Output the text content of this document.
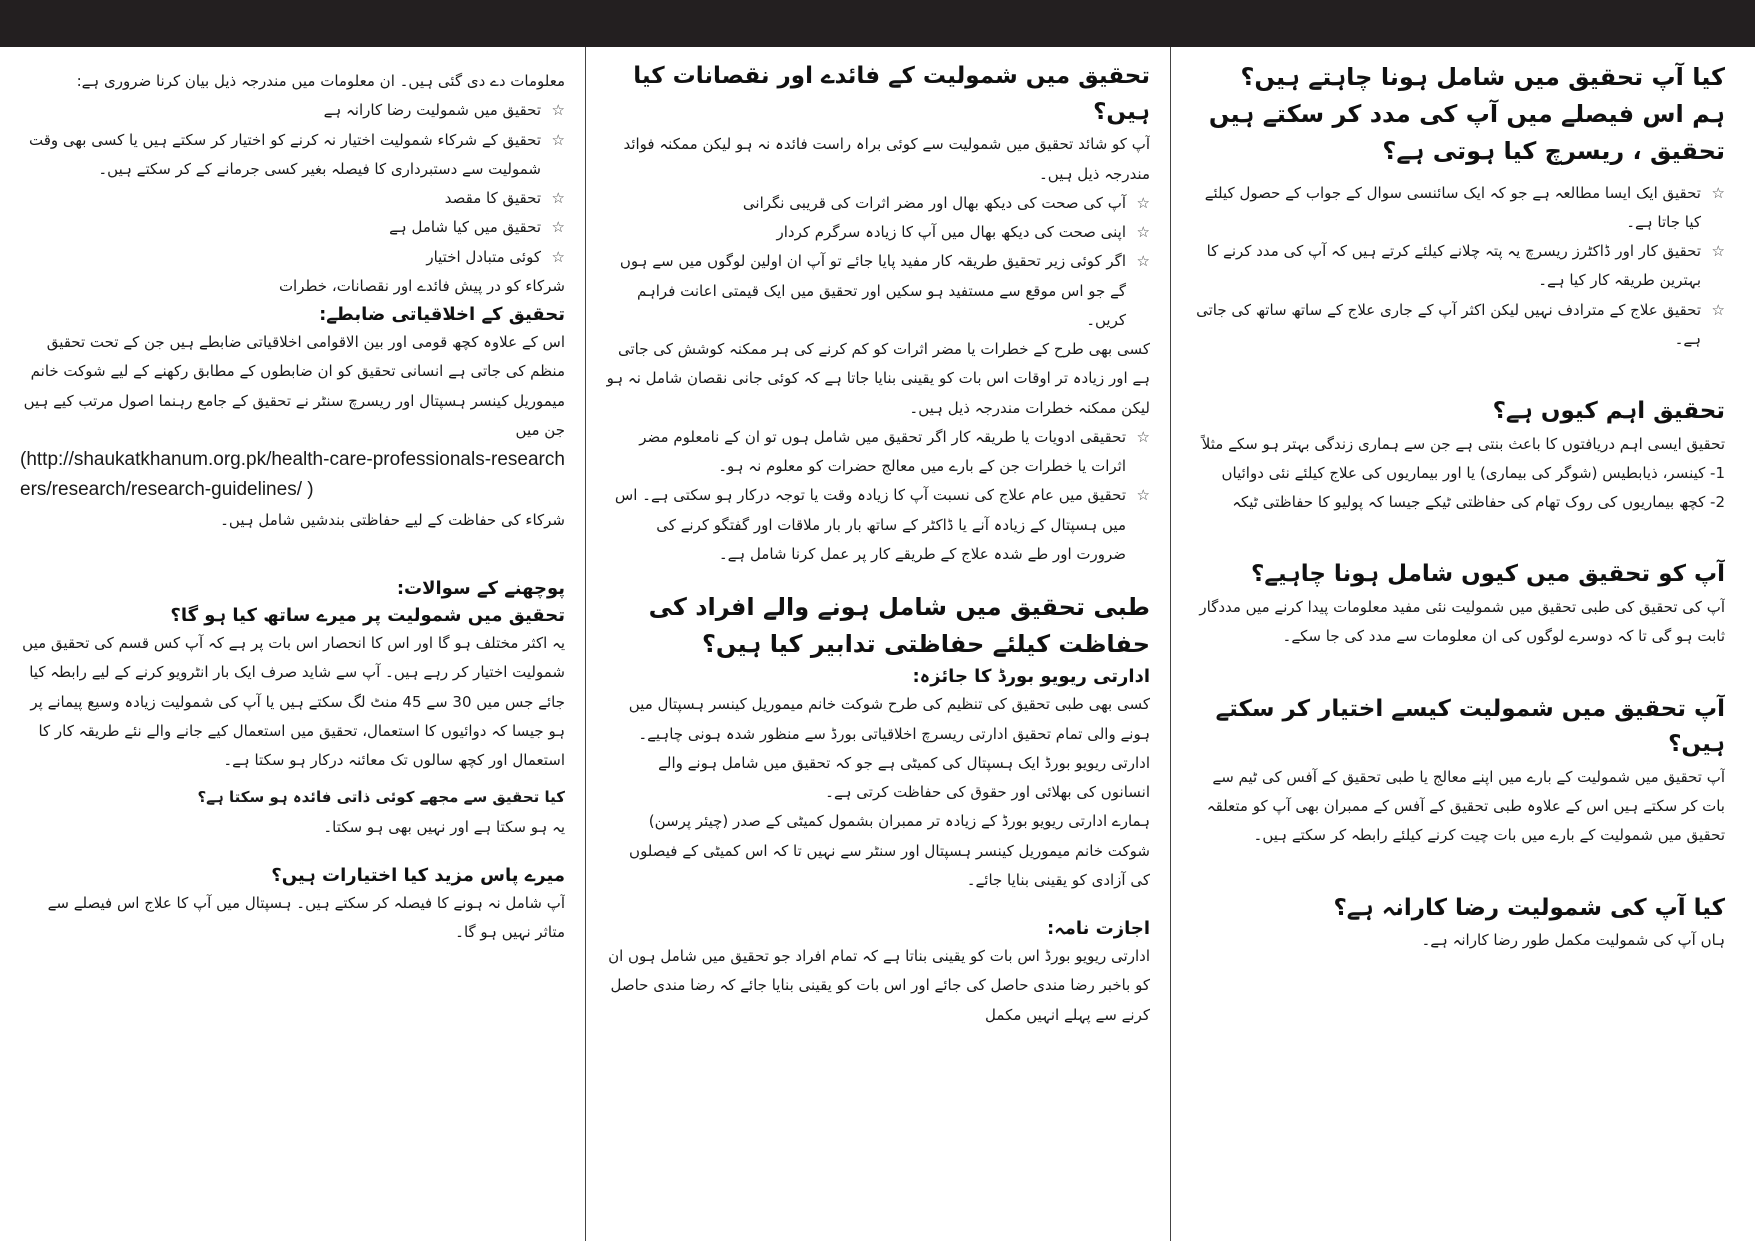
کیا آپ تحقیق میں شامل ہونا چاہتے ہیں؟
ہم اس فیصلے میں آپ کی مدد کر سکتے ہیں
تحقیق ، ریسرچ کیا ہوتی ہے؟
☆
تحقیق ایک ایسا مطالعہ ہے جو کہ ایک سائنسی سوال کے جواب کے حصول کیلئے کیا جاتا ہے۔
☆
تحقیق کار اور ڈاکٹرز ریسرچ یہ پتہ چلانے کیلئے کرتے ہیں کہ آپ کی مدد کرنے کا بہترین طریقہ کار کیا ہے۔
☆
تحقیق علاج کے مترادف نہیں لیکن اکثر آپ کے جاری علاج کے ساتھ ساتھ کی جاتی ہے۔
تحقیق اہم کیوں ہے؟

تحقیق ایسی اہم دریافتوں کا باعث بنتی ہے جن سے ہماری زندگی بہتر ہو سکے مثلاً

1- کینسر، ذیابطیس (شوگر کی بیماری) یا اور بیماریوں کی علاج کیلئے نئی دوائیاں

2- کچھ بیماریوں کی روک تھام کی حفاظتی ٹیکے جیسا کہ پولیو کا حفاظتی ٹیکہ

آپ کو تحقیق میں کیوں شامل ہونا چاہیے؟

آپ کی تحقیق کی طبی تحقیق میں شمولیت نئی مفید معلومات پیدا کرنے میں مددگار ثابت ہو گی تا کہ دوسرے لوگوں کی ان معلومات سے مدد کی جا سکے۔

آپ تحقیق میں شمولیت کیسے اختیار کر سکتے ہیں؟

آپ تحقیق میں شمولیت کے بارے میں اپنے معالج یا طبی تحقیق کے آفس کی ٹیم سے بات کر سکتے ہیں اس کے علاوہ طبی تحقیق کے آفس کے ممبران بھی آپ کو متعلقہ تحقیق میں شمولیت کے بارے میں بات چیت کرنے کیلئے رابطہ کر سکتے ہیں۔

کیا آپ کی شمولیت رضا کارانہ ہے؟

ہاں آپ کی شمولیت مکمل طور رضا کارانہ ہے۔

تحقیق میں شمولیت کے فائدے اور نقصانات کیا ہیں؟

آپ کو شائد تحقیق میں شمولیت سے کوئی براہ راست فائدہ نہ ہو لیکن ممکنہ فوائد مندرجہ ذیل ہیں۔

☆
آپ کی صحت کی دیکھ بھال اور مضر اثرات کی قریبی نگرانی
☆
اپنی صحت کی دیکھ بھال میں آپ کا زیادہ سرگرم کردار
☆
اگر کوئی زیر تحقیق طریقہ کار مفید پایا جائے تو آپ ان اولین لوگوں میں سے ہوں گے جو اس موقع سے مستفید ہو سکیں اور تحقیق میں ایک قیمتی اعانت فراہم کریں۔

کسی بھی طرح کے خطرات یا مضر اثرات کو کم کرنے کی ہر ممکنہ کوشش کی جاتی ہے اور زیادہ تر اوقات اس بات کو یقینی بنایا جاتا ہے کہ کوئی جانی نقصان شامل نہ ہو لیکن ممکنہ خطرات مندرجہ ذیل ہیں۔

☆
تحقیقی ادویات یا طریقہ کار اگر تحقیق میں شامل ہوں تو ان کے نامعلوم مضر اثرات یا خطرات جن کے بارے میں معالج حضرات کو معلوم نہ ہو۔
☆
تحقیق میں عام علاج کی نسبت آپ کا زیادہ وقت یا توجہ درکار ہو سکتی ہے۔ اس میں ہسپتال کے زیادہ آنے یا ڈاکٹر کے ساتھ بار بار ملاقات اور گفتگو کرنے کی ضرورت اور طے شدہ علاج کے طریقے کار پر عمل کرنا شامل ہے۔
طبی تحقیق میں شامل ہونے والے افراد کی حفاظت کیلئے حفاظتی تدابیر کیا ہیں؟
ادارتی ریویو بورڈ کا جائزہ:

کسی بھی طبی تحقیق کی تنظیم کی طرح شوکت خانم میموریل کینسر ہسپتال میں ہونے والی تمام تحقیق ادارتی ریسرچ اخلاقیاتی بورڈ سے منظور شدہ ہونی چاہیے۔ ادارتی ریویو بورڈ ایک ہسپتال کی کمیٹی ہے جو کہ تحقیق میں شامل ہونے والے انسانوں کی بھلائی اور حقوق کی حفاظت کرتی ہے۔

ہمارے ادارتی ریویو بورڈ کے زیادہ تر ممبران بشمول کمیٹی کے صدر (چیئر پرسن) شوکت خانم میموریل کینسر ہسپتال اور سنٹر سے نہیں تا کہ اس کمیٹی کے فیصلوں کی آزادی کو یقینی بنایا جائے۔

اجازت نامہ:

ادارتی ریویو بورڈ اس بات کو یقینی بناتا ہے کہ تمام افراد جو تحقیق میں شامل ہوں ان کو باخبر رضا مندی حاصل کی جائے اور اس بات کو یقینی بنایا جائے کہ رضا مندی حاصل کرنے سے پہلے انہیں مکمل

معلومات دے دی گئی ہیں۔ ان معلومات میں مندرجہ ذیل بیان کرنا ضروری ہے:

☆
تحقیق میں شمولیت رضا کارانہ ہے
☆
تحقیق کے شرکاء شمولیت اختیار نہ کرنے کو اختیار کر سکتے ہیں یا کسی بھی وقت شمولیت سے دستبرداری کا فیصلہ بغیر کسی جرمانے کے کر سکتے ہیں۔
☆
تحقیق کا مقصد
☆
تحقیق میں کیا شامل ہے
☆
کوئی متبادل اختیار

شرکاء کو در پیش فائدے اور نقصانات، خطرات

تحقیق کے اخلاقیاتی ضابطے:

اس کے علاوہ کچھ قومی اور بین الاقوامی اخلاقیاتی ضابطے ہیں جن کے تحت تحقیق منظم کی جاتی ہے انسانی تحقیق کو ان ضابطوں کے مطابق رکھنے کے لیے شوکت خانم میموریل کینسر ہسپتال اور ریسرچ سنٹر نے تحقیق کے جامع رہنما اصول مرتب کیے ہیں جن میں

(http://shaukatkhanum.org.pk/health-care-professionals-researchers/research/research-guidelines/ )

شرکاء کی حفاظت کے لیے حفاظتی بندشیں شامل ہیں۔

پوچھنے کے سوالات:
تحقیق میں شمولیت پر میرے ساتھ کیا ہو گا؟

یہ اکثر مختلف ہو گا اور اس کا انحصار اس بات پر ہے کہ آپ کس قسم کی تحقیق میں شمولیت اختیار کر رہے ہیں۔ آپ سے شاید صرف ایک بار انٹرویو کرنے کے لیے رابطہ کیا جائے جس میں 30 سے 45 منٹ لگ سکتے ہیں یا آپ کی شمولیت زیادہ وسیع پیمانے پر ہو جیسا کہ دوائیوں کا استعمال، تحقیق میں استعمال کیے جانے والے نئے طریقہ کار کا استعمال اور کچھ سالوں تک معائنہ درکار ہو سکتا ہے۔

کیا تحقیق سے مجھے کوئی ذاتی فائدہ ہو سکتا ہے؟

یہ ہو سکتا ہے اور نہیں بھی ہو سکتا۔

میرے پاس مزید کیا اختیارات ہیں؟

آپ شامل نہ ہونے کا فیصلہ کر سکتے ہیں۔ ہسپتال میں آپ کا علاج اس فیصلے سے متاثر نہیں ہو گا۔
